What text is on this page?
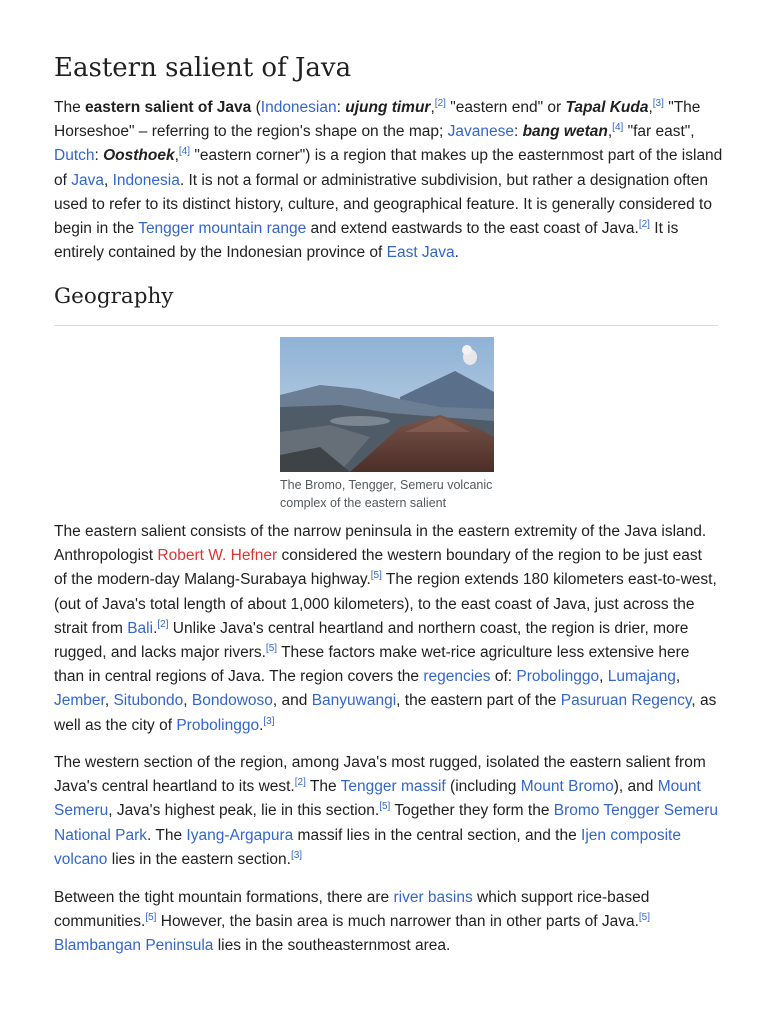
Eastern salient of Java

The eastern salient of Java (Indonesian: ujung timur,[2] "eastern end" or Tapal Kuda,[3] "The
Horseshoe" – referring to the region's shape on the map; Javanese: bang wetan,[4] "far east",
Dutch: Oosthoek,[4] "eastern corner") is a region that makes up the easternmost part of the island
of Java, Indonesia. It is not a formal or administrative subdivision, but rather a designation often
used to refer to its distinct history, culture, and geographical feature. It is generally considered to
begin in the Tengger mountain range and extend eastwards to the east coast of Java.[2] It is
entirely contained by the Indonesian province of East Java.

Geography
The Bromo, Tengger, Semeru volcanic
complex of the eastern salient

The eastern salient consists of the narrow peninsula in the eastern extremity of the Java island.
Anthropologist Robert W. Hefner considered the western boundary of the region to be just east
of the modern-day Malang-Surabaya highway.[5] The region extends 180 kilometers east-to-west,
(out of Java's total length of about 1,000 kilometers), to the east coast of Java, just across the
strait from Bali.[2] Unlike Java's central heartland and northern coast, the region is drier, more
rugged, and lacks major rivers.[5] These factors make wet-rice agriculture less extensive here
than in central regions of Java. The region covers the regencies of: Probolinggo, Lumajang,
Jember, Situbondo, Bondowoso, and Banyuwangi, the eastern part of the Pasuruan Regency, as
well as the city of Probolinggo.[3]

The western section of the region, among Java's most rugged, isolated the eastern salient from
Java's central heartland to its west.[2] The Tengger massif (including Mount Bromo), and Mount
Semeru, Java's highest peak, lie in this section.[5] Together they form the Bromo Tengger Semeru
National Park. The Iyang-Argapura massif lies in the central section, and the Ijen composite
volcano lies in the eastern section.[3]

Between the tight mountain formations, there are river basins which support rice-based
communities.[5] However, the basin area is much narrower than in other parts of Java.[5]
Blambangan Peninsula lies in the southeasternmost area.
